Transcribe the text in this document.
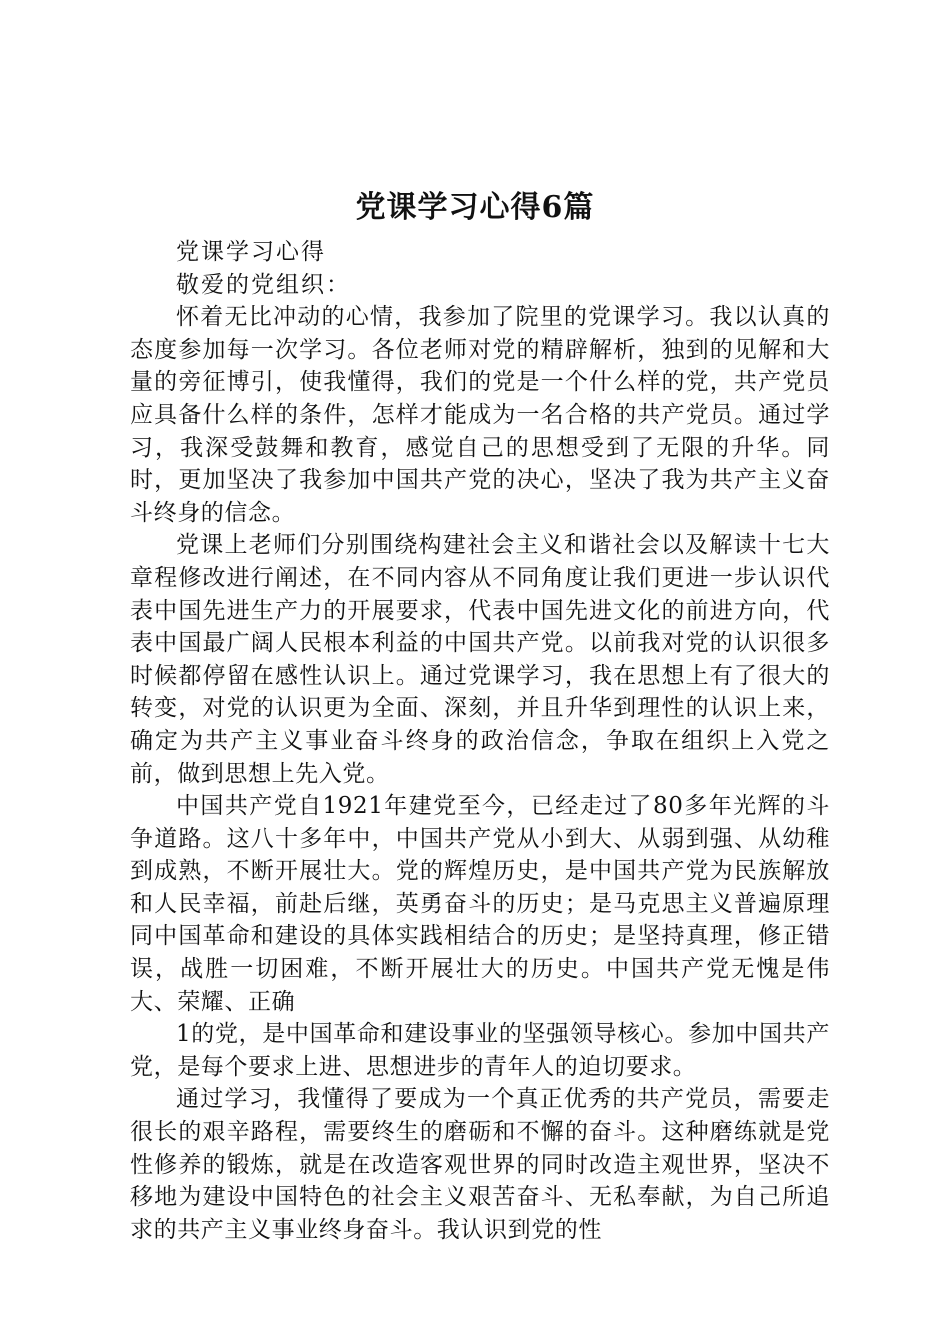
党课学习心得6篇

党课学习心得

敬爱的党组织：

怀着无比冲动的心情，我参加了院里的党课学习。我以认真的态度参加每一次学习。各位老师对党的精辟解析，独到的见解和大量的旁征博引，使我懂得，我们的党是一个什么样的党，共产党员应具备什么样的条件，怎样才能成为一名合格的共产党员。通过学习，我深受鼓舞和教育，感觉自己的思想受到了无限的升华。同时，更加坚决了我参加中国共产党的决心，坚决了我为共产主义奋斗终身的信念。

党课上老师们分别围绕构建社会主义和谐社会以及解读十七大章程修改进行阐述，在不同内容从不同角度让我们更进一步认识代表中国先进生产力的开展要求，代表中国先进文化的前进方向，代表中国最广阔人民根本利益的中国共产党。以前我对党的认识很多时候都停留在感性认识上。通过党课学习，我在思想上有了很大的转变，对党的认识更为全面、深刻，并且升华到理性的认识上来，确定为共产主义事业奋斗终身的政治信念，争取在组织上入党之前，做到思想上先入党。

中国共产党自1921年建党至今，已经走过了80多年光辉的斗争道路。这八十多年中，中国共产党从小到大、从弱到强、从幼稚到成熟，不断开展壮大。党的辉煌历史，是中国共产党为民族解放和人民幸福，前赴后继，英勇奋斗的历史；是马克思主义普遍原理同中国革命和建设的具体实践相结合的历史；是坚持真理，修正错误，战胜一切困难，不断开展壮大的历史。中国共产党无愧是伟大、荣耀、正确

1的党，是中国革命和建设事业的坚强领导核心。参加中国共产党，是每个要求上进、思想进步的青年人的迫切要求。

通过学习，我懂得了要成为一个真正优秀的共产党员，需要走很长的艰辛路程，需要终生的磨砺和不懈的奋斗。这种磨练就是党性修养的锻炼，就是在改造客观世界的同时改造主观世界，坚决不移地为建设中国特色的社会主义艰苦奋斗、无私奉献，为自己所追求的共产主义事业终身奋斗。我认识到党的性
